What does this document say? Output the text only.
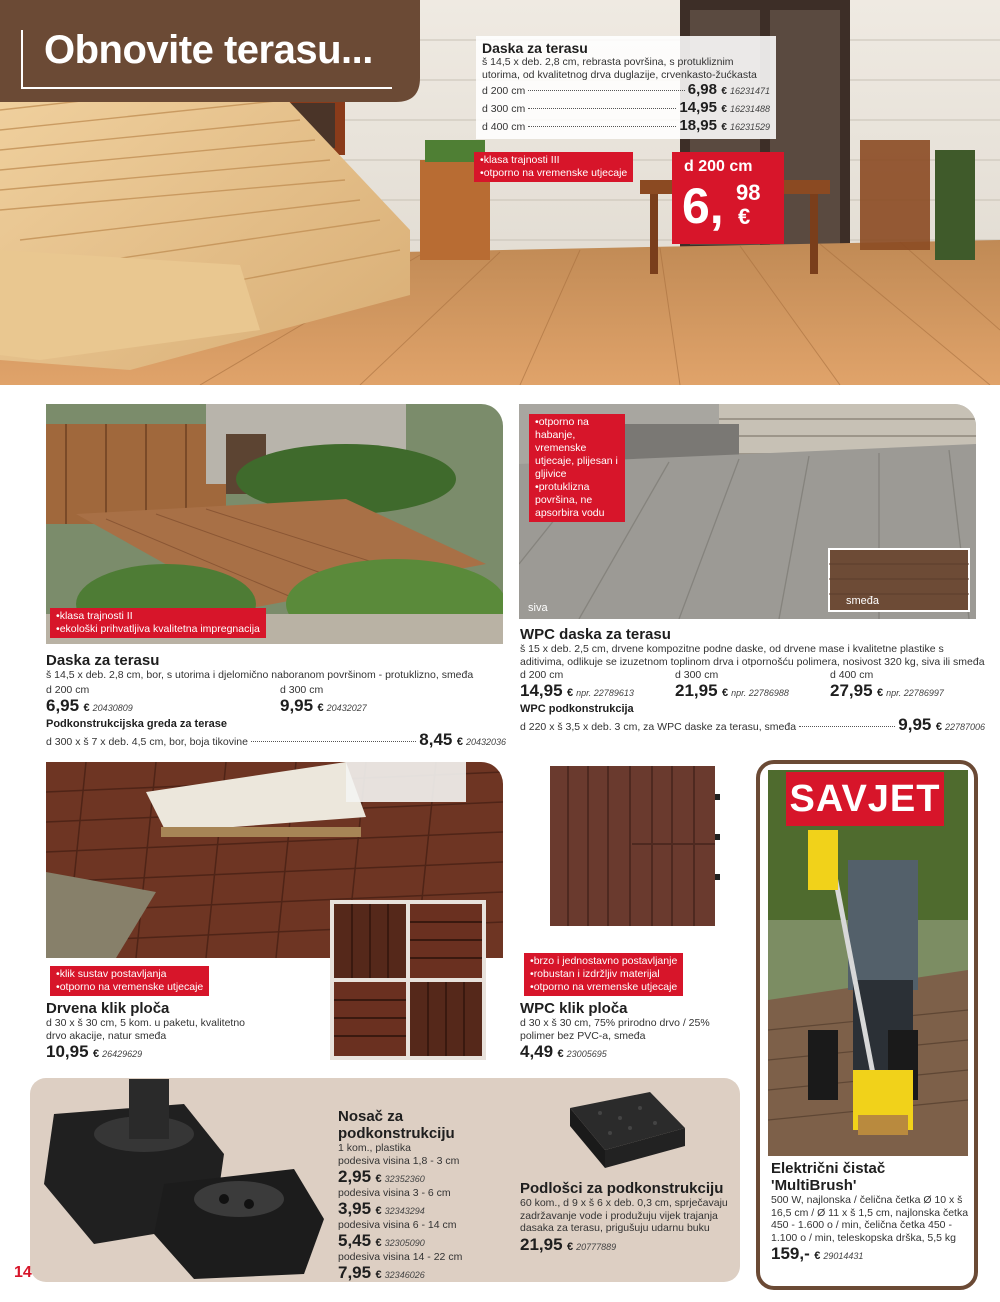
Obnovite terasu...	Daska za terasu
š 14,5 x deb. 2,8 cm, rebrasta površina, s protukliznim utorima, od kvalitetnog drva duglazije, crvenkasto-žućkasta
d 200 cm	6,98
€ 16231471
d 300 cm	14,95
€ 16231488
d 400 cm	18,95
€ 16231529
• klasa trajnosti III
• otporno na vremenske utjecaje	d 200 cm
6, 98
€
• klasa trajnosti II
• ekološki prihvatljiva kvalitetna impregnacija
Daska za terasu
š 14,5 x deb. 2,8 cm, bor, s utorima i djelomično naboranom površinom - protuklizno, smeđa
d 200 cm
6,95 € 20430809
d 300 cm
9,95 € 20432027
Podkonstrukcijska greda za terase
d 300 x š 7 x deb. 4,5 cm, bor, boja tikovine	8,45
€ 20432036
• otporno na habanje, vremenske utjecaje, plijesan i gljivice
• protuklizna površina, ne apsorbira vodu
siva
smeđa
WPC daska za terasu
š 15 x deb. 2,5 cm, drvene kompozitne podne daske, od drvene mase i kvalitetne plastike s aditivima, odlikuje se izuzetnom toplinom drva i otpornošću polimera, nosivost 320 kg, siva ili smeđa
d 200 cm
14,95 € npr. 22789613
d 300 cm
21,95 € npr. 22786988
d 400 cm
27,95 € npr. 22786997
WPC podkonstrukcija
d 220 x š 3,5 x deb. 3 cm, za WPC daske za terasu, smeđa	9,95
€ 22787006
• klik sustav postavljanja
• otporno na vremenske utjecaje
Drvena klik ploča
d 30 x š 30 cm, 5 kom. u paketu, kvalitetno drvo akacije, natur smeđa
10,95 € 26429629
• brzo i jednostavno postavljanje
• robustan i izdržljiv materijal
• otporno na vremenske utjecaje
WPC klik ploča
d 30 x š 30 cm, 75% prirodno drvo / 25% polimer bez PVC-a, smeđa
4,49 € 23005695
SAVJET
Električni čistač 'MultiBrush'
500 W, najlonska / čelična četka Ø 10 x š 16,5 cm / Ø 11 x š 1,5 cm, najlonska četka 450 - 1.600 o / min, čelična četka 450 - 1.100 o / min, teleskopska drška, 5,5 kg
159,- € 29014431
Nosač za podkonstrukciju
1 kom., plastika
podesiva visina 1,8 - 3 cm
2,95 € 32352360
podesiva visina 3 - 6 cm
3,95 € 32343294
podesiva visina 6 - 14 cm
5,45 € 32305090
podesiva visina 14 - 22 cm
7,95 € 32346026
Podlošci za podkonstrukciju
60 kom., d 9 x š 6 x deb. 0,3 cm, sprječavaju zadržavanje vode i produžuju vijek trajanja dasaka za terasu, prigušuju udarnu buku
21,95 € 20777889
14
